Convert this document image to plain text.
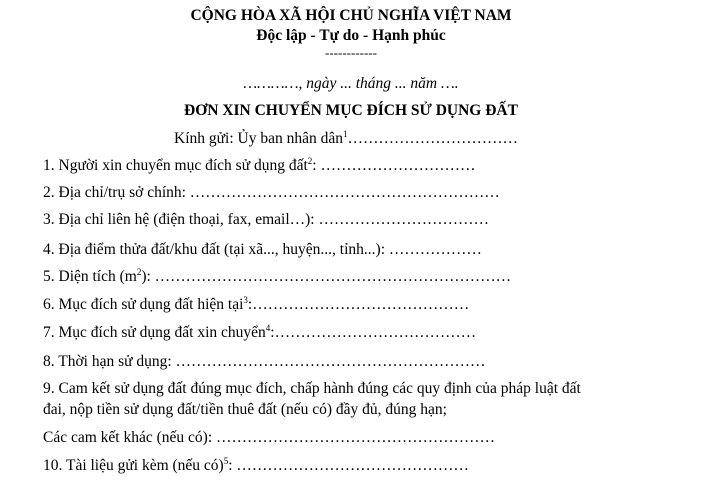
CỘNG HÒA XÃ HỘI CHỦ NGHĨA VIỆT NAM
Độc lập - Tự do - Hạnh phúc
------------
…………, ngày ... tháng ... năm ….
ĐƠN XIN CHUYỂN MỤC ĐÍCH SỬ DỤNG ĐẤT
Kính gửi: Ủy ban nhân dân$^1$……………………………
1. Người xin chuyển mục đích sử dụng đất$^2$: …………………………
2. Địa chỉ/trụ sở chính: ……………………………………………………
3. Địa chỉ liên hệ (điện thoại, fax, email…): ……………………………
4. Địa điểm thửa đất/khu đất (tại xã..., huyện..., tỉnh...): ………………
5. Diện tích $(m^2)$: ……………………………………………………………
6. Mục đích sử dụng đất hiện tại$^3$:……………………………………
7. Mục đích sử dụng đất xin chuyển$^4$:…………………………………
8. Thời hạn sử dụng: ……………………………………………………
9. Cam kết sử dụng đất đúng mục đích, chấp hành đúng các quy định của pháp luật đất
đai, nộp tiền sử dụng đất/tiền thuê đất (nếu có) đầy đủ, đúng hạn;
Các cam kết khác (nếu có): ………………………………………………
10. Tài liệu gửi kèm (nếu có)$^5$: ………………………………………
